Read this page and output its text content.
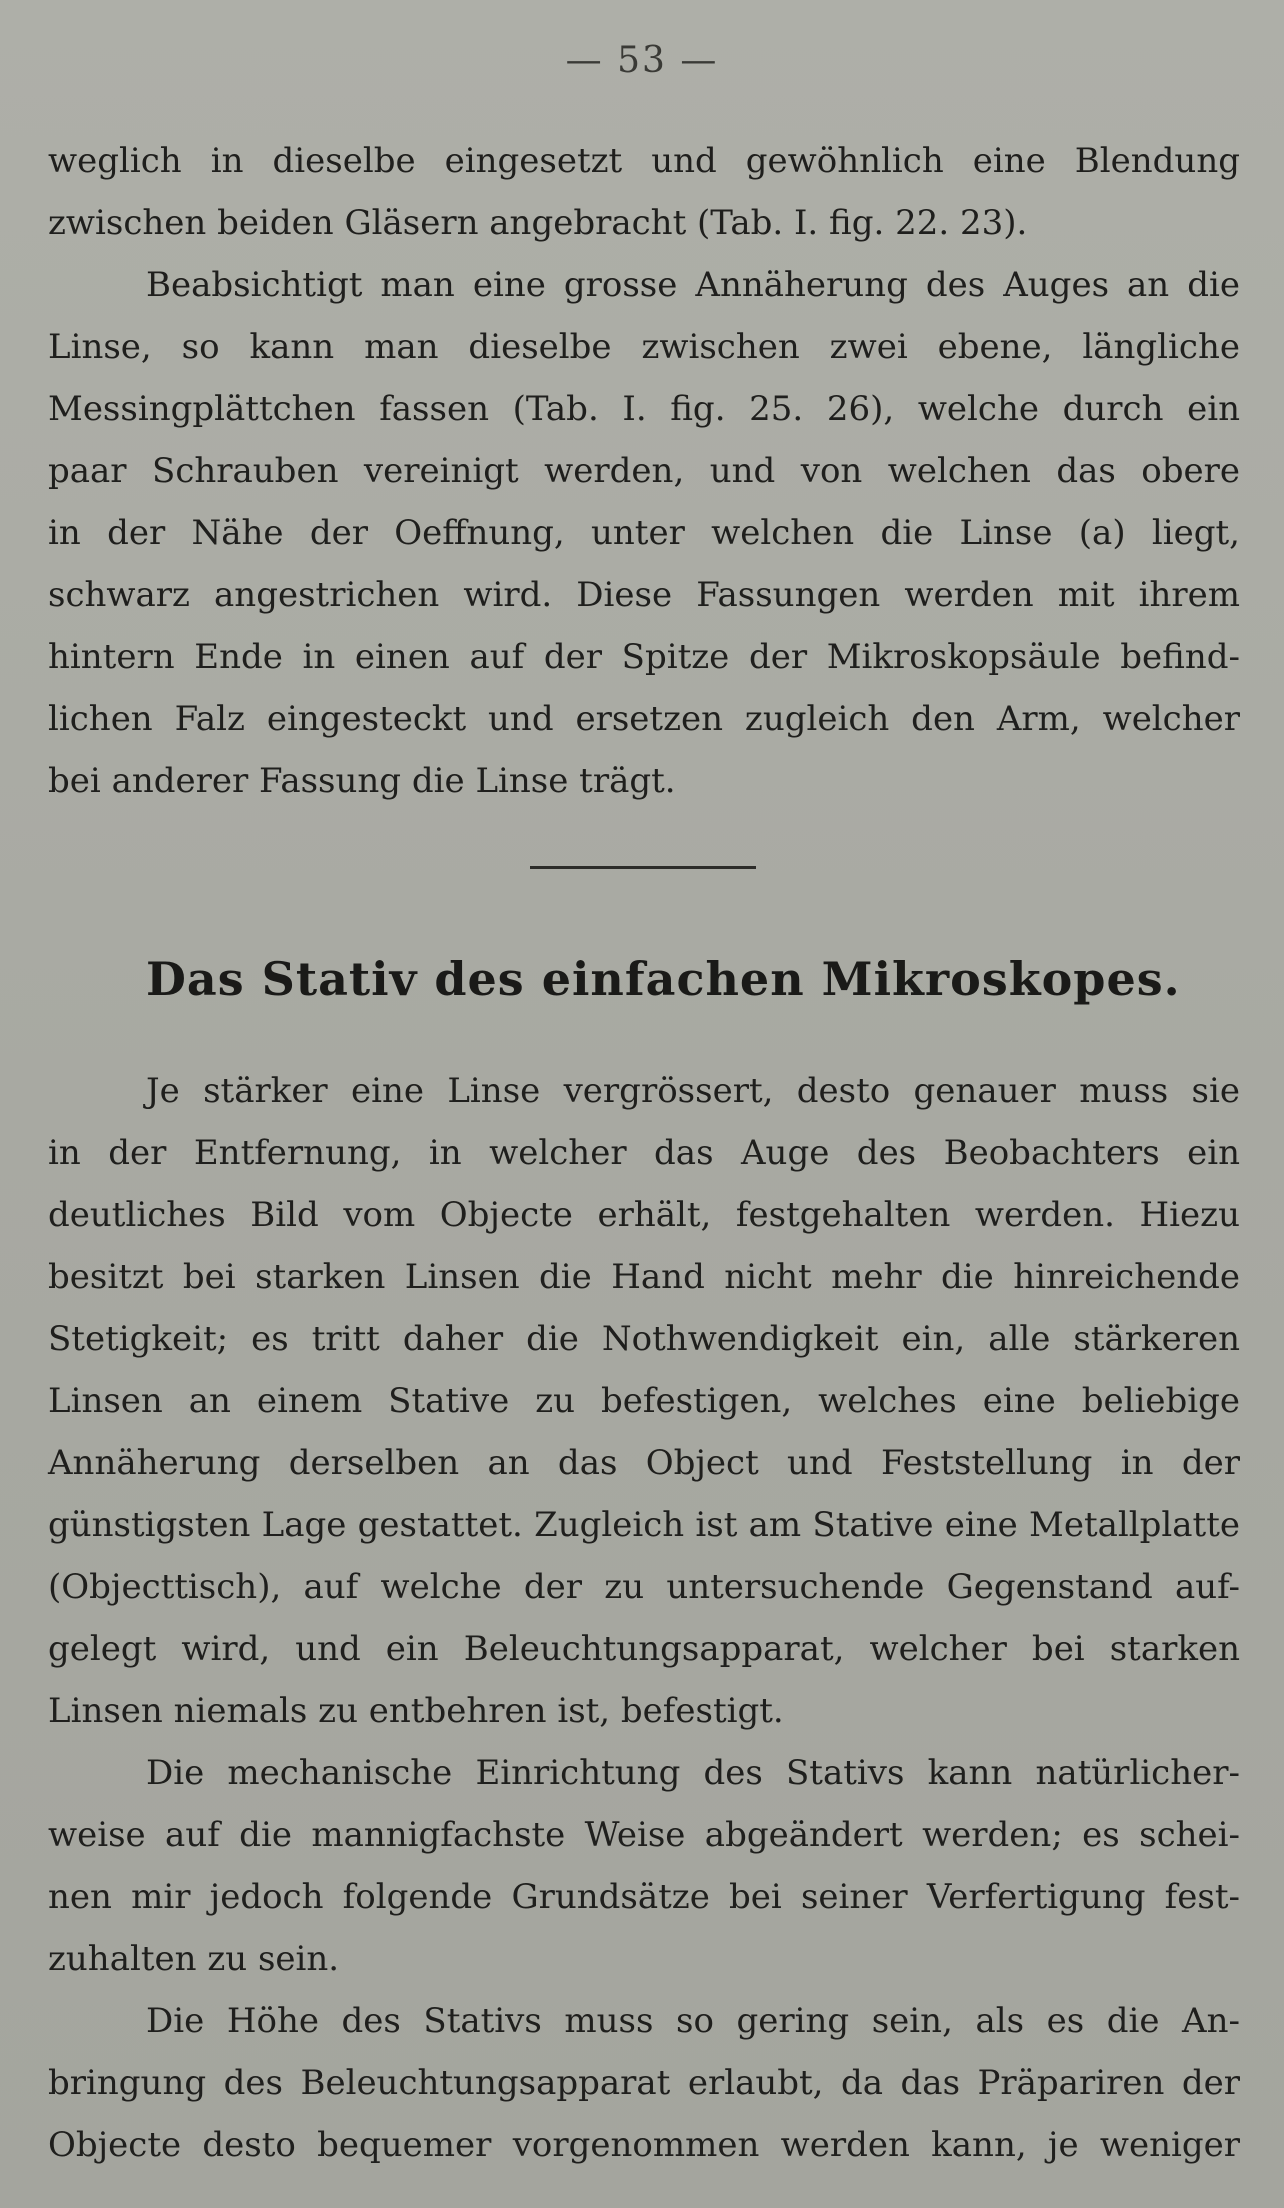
— 53 —
weglich in dieselbe eingesetzt und gewöhnlich eine Blendung
zwischen beiden Gläsern angebracht (Tab. I. fig. 22. 23).
Beabsichtigt man eine grosse Annäherung des Auges an die
Linse, so kann man dieselbe zwischen zwei ebene, längliche
Messingplättchen fassen (Tab. I. fig. 25. 26), welche durch ein
paar Schrauben vereinigt werden, und von welchen das obere
in der Nähe der Oeffnung, unter welchen die Linse (a) liegt,
schwarz angestrichen wird. Diese Fassungen werden mit ihrem
hintern Ende in einen auf der Spitze der Mikroskopsäule befind-
lichen Falz eingesteckt und ersetzen zugleich den Arm, welcher
bei anderer Fassung die Linse trägt.
Das Stativ des einfachen Mikroskopes.
Je stärker eine Linse vergrössert, desto genauer muss sie
in der Entfernung, in welcher das Auge des Beobachters ein
deutliches Bild vom Objecte erhält, festgehalten werden. Hiezu
besitzt bei starken Linsen die Hand nicht mehr die hinreichende
Stetigkeit; es tritt daher die Nothwendigkeit ein, alle stärkeren
Linsen an einem Stative zu befestigen, welches eine beliebige
Annäherung derselben an das Object und Feststellung in der
günstigsten Lage gestattet. Zugleich ist am Stative eine Metallplatte
(Objecttisch), auf welche der zu untersuchende Gegenstand auf-
gelegt wird, und ein Beleuchtungsapparat, welcher bei starken
Linsen niemals zu entbehren ist, befestigt.
Die mechanische Einrichtung des Stativs kann natürlicher-
weise auf die mannigfachste Weise abgeändert werden; es schei-
nen mir jedoch folgende Grundsätze bei seiner Verfertigung fest-
zuhalten zu sein.
Die Höhe des Stativs muss so gering sein, als es die An-
bringung des Beleuchtungsapparat erlaubt, da das Präpariren der
Objecte desto bequemer vorgenommen werden kann, je weniger
